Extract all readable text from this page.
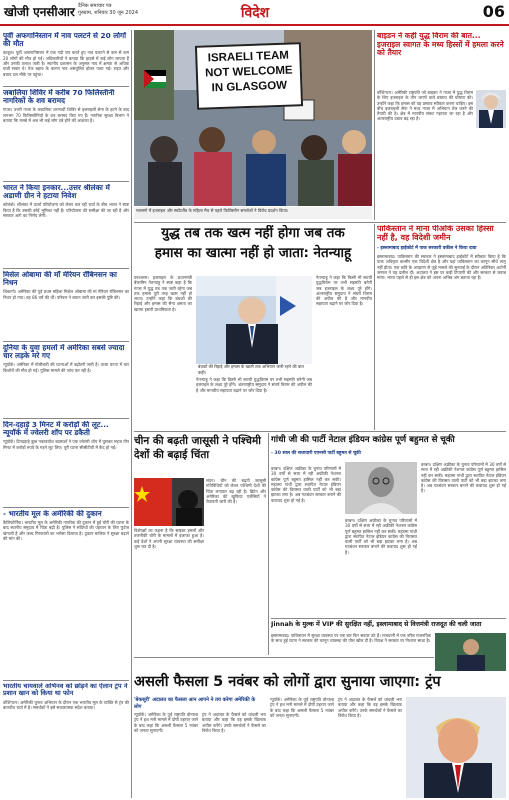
खोजी एनसीआर दैनिक समाचार पत्र
गुरुग्राम, शनिवार 30 जून 2024	विदेश	06
पूर्वी अफगानिस्तान में नाव पलटने से 20 लोगों की मौत
काबुल। पूर्वी अफगानिस्तान में एक नदी पार करते हुए नाव पलटने से कम से कम 20 लोगों की मौत हो गई। अधिकारियों ने बताया कि हादसे में कई लोग लापता हैं और उनकी तलाश जारी है। स्थानीय प्रशासन के अनुसार नाव में क्षमता से अधिक यात्री सवार थे। तेज बहाव के कारण नाव असंतुलित होकर पलट गई। राहत और बचाव दल मौके पर पहुंचा।
जबालिया शिविर में करीब 70 फिलिस्तीनी नागरिकों के शव बरामद
गाजा। उत्तरी गाजा के जबालिया शरणार्थी शिविर से इजराइली सेना के हटने के बाद लगभग 70 फिलिस्तीनियों के शव बरामद किए गए हैं। नागरिक सुरक्षा विभाग ने बताया कि मलबे में अब भी कई लोग दबे होने की आशंका है।
भारत ने किया इनकार...उत्तर श्रीलंका में अडाणी ग्रीन ने हटाया निवेश
कोलंबो। श्रीलंका में ऊर्जा परियोजना को लेकर चल रही चर्चा के बीच भारत ने स्पष्ट किया है कि उसकी कोई भूमिका नहीं है। परियोजना की समीक्षा की जा रही है और सरकार आगे का निर्णय लेगी।
मिसेल ओबामा की माँ मेरियन रॉबिनसन का निधन
शिकागो। अमेरिका की पूर्व प्रथम महिला मिशेल ओबामा की मां मेरियन रॉबिनसन का निधन हो गया। वह 86 वर्ष की थीं। परिवार ने बयान जारी कर इसकी पुष्टि की।
दुनिया के युवा हमलों में अमेरिका सबसे ज्यादा चार लड़के मरे गए
न्यूयॉर्क। अमेरिका में गोलीबारी की घटनाओं में बढ़ोतरी जारी है। ताजा घटना में चार किशोरों की मौत हो गई। पुलिस मामले की जांच कर रही है।
दिन-दहाड़े 3 मिनट में करोड़ों की लूट... न्यूयॉर्क में ज्वेलरी शॉप पर डकैती
न्यूयॉर्क। दिनदहाड़े कुछ नकाबपोश बदमाशों ने एक ज्वेलरी शॉप में घुसकर महज तीन मिनट में करोड़ों रुपये के गहने लूट लिए। पूरी घटना सीसीटीवी में कैद हो गई।
- भारतीय मूल के अमेरिकी की दुकान
कैलिफोर्निया। भारतीय मूल के अमेरिकी नागरिक की दुकान में हुई चोरी की घटना के बाद स्थानीय समुदाय में चिंता बढ़ी है। पुलिस ने संदिग्धों की पहचान के लिए फुटेज खंगाली है और जल्द गिरफ्तारी का भरोसा दिलाया है। दुकान मालिक ने सुरक्षा बढ़ाने की मांग की।
भारतीय चायवाले अभिनव को छोड़ने का ऐलान ट्रंप ने प्रशान खान को किया था फोन
वॉशिंगटन। अमेरिकी चुनाव अभियान के दौरान एक भारतीय मूल के व्यक्ति से ट्रंप की बातचीत चर्चा में है। समर्थकों ने इसे सकारात्मक संदेश बताया।
ISRAELI TEAM
NOT WELCOME
IN GLASGOW
ग्लासगो में इजराइल और स्कॉटलैंड के महिला मैच से पहले फिलिस्तीन समर्थकों ने विरोध प्रदर्शन किया।
बाइडन ने कहीं युद्ध विराम की बात... इजराइल स्वागत के मध्य हिस्सों में हमला करने को तैयार
वॉशिंगटन। अमेरिकी राष्ट्रपति जो बाइडन ने गाजा में युद्ध विराम के लिए इजराइल के तीन चरणों वाले प्रस्ताव की घोषणा की। उन्होंने कहा कि हमास को यह प्रस्ताव स्वीकार करना चाहिए। इस बीच इजराइली सेना ने मध्य गाजा में अभियान तेज करने की तैयारी की है। क्षेत्र में मानवीय संकट गहराता जा रहा है और अंतरराष्ट्रीय दबाव बढ़ रहा है।
युद्ध तब तक खत्म नहीं होगा जब तक
हमास का खात्मा नहीं हो जाता: नेतन्याहू
यरुशलम। इजराइल के प्रधानमंत्री बेंजामिन नेतन्याहू ने स्पष्ट कहा है कि गाजा में युद्ध तब तक जारी रहेगा जब तक हमास पूरी तरह खत्म नहीं हो जाता। उन्होंने कहा कि बंधकों की रिहाई और हमास की सैन्य क्षमता का खात्मा हमारी प्राथमिकता है।
बंधकों की रिहाई और हमास के खात्मे तक अभियान जारी रहने की बात कही।
नेतन्याहू ने कहा कि किसी भी स्थायी युद्धविराम पर तभी सहमति बनेगी जब इजराइल के लक्ष्य पूरे होंगे। अंतरराष्ट्रीय समुदाय ने संघर्ष विराम की अपील की है और मानवीय सहायता बढ़ाने पर जोर दिया है।
नेतन्याहू ने कहा कि किसी भी स्थायी युद्धविराम पर तभी सहमति बनेगी जब इजराइल के लक्ष्य पूरे होंगे। अंतरराष्ट्रीय समुदाय ने संघर्ष विराम की अपील की है और मानवीय सहायता बढ़ाने पर जोर दिया है।
पाकिस्तान ने माना पीओके उसका हिस्सा नहीं है, वह विदेशी जमीन
- इस्लामाबाद हाईकोर्ट में पाक सरकारी वकील ने किया दावा
इस्लामाबाद। पाकिस्तान की सरकार ने इस्लामाबाद हाईकोर्ट में स्वीकार किया है कि पाक अधिकृत कश्मीर एक विदेशी क्षेत्र है और वहां पाकिस्तान का कानून सीधे लागू नहीं होता। एक कवि के अपहरण से जुड़े मामले की सुनवाई के दौरान अतिरिक्त अटॉर्नी जनरल ने यह दलील दी। अदालत ने इस पर कड़ी टिप्पणी की और सरकार से जवाब मांगा। भारत पहले से ही इस क्षेत्र को अपना अभिन्न अंग बताता रहा है।
चीन की बढ़ती जासूसी ने पश्चिमी देशों की बढ़ाई चिंता
लंदन। चीन की बढ़ती जासूसी गतिविधियों को लेकर पश्चिमी देशों की चिंता लगातार बढ़ रही है। ब्रिटेन और अमेरिका की खुफिया एजेंसियों ने चेतावनी जारी की है।
विशेषज्ञों का कहना है कि साइबर हमलों और तकनीकी चोरी के मामलों में इजाफा हुआ है। कई देशों ने अपनी सुरक्षा व्यवस्था की समीक्षा शुरू कर दी है।
गांधी जी की पार्टी नेटाल इंडियन कांग्रेस पूर्ण बहुमत से चूकी
- 30 साल की सत्ताधारी एएनसी पार्टी बहुमत से चूकी
डरबन। दक्षिण अफ्रीका के चुनाव परिणामों में 30 वर्षों से सत्ता में रही अफ्रीकी नेशनल कांग्रेस पूर्ण बहुमत हासिल नहीं कर सकी। महात्मा गांधी द्वारा स्थापित नेटाल इंडियन कांग्रेस की विरासत वाली पार्टी को भी बड़ा झटका लगा है। अब गठबंधन सरकार बनाने की कवायद शुरू हो गई है।
डरबन। दक्षिण अफ्रीका के चुनाव परिणामों में 30 वर्षों से सत्ता में रही अफ्रीकी नेशनल कांग्रेस पूर्ण बहुमत हासिल नहीं कर सकी। महात्मा गांधी द्वारा स्थापित नेटाल इंडियन कांग्रेस की विरासत वाली पार्टी को भी बड़ा झटका लगा है। अब गठबंधन सरकार बनाने की कवायद शुरू हो गई है।
डरबन। दक्षिण अफ्रीका के चुनाव परिणामों में 30 वर्षों से सत्ता में रही अफ्रीकी नेशनल कांग्रेस पूर्ण बहुमत हासिल नहीं कर सकी। महात्मा गांधी द्वारा स्थापित नेटाल इंडियन कांग्रेस की विरासत वाली पार्टी को भी बड़ा झटका लगा है। अब गठबंधन सरकार बनाने की कवायद शुरू हो गई है।
Jinnah के मुल्क में VIP की सुरक्षित नहीं, इस्लामाबाद से वित्तमंत्री राजदूत की चली जाता
इस्लामाबाद। पाकिस्तान में सुरक्षा व्यवस्था पर एक बार फिर सवाल उठे हैं। राजधानी में एक वरिष्ठ राजनयिक के साथ हुई घटना ने सरकार की कानून व्यवस्था की पोल खोल दी है। विपक्ष ने सरकार पर निशाना साधा है।
असली फैसला 5 नवंबर को लोगों द्वारा सुनाया जाएगा: ट्रंप
'बेकसूरी' अदालत का फैसला आन आपने ने तय करेगा अमेरिकी के लोग
न्यूयॉर्क। अमेरिका के पूर्व राष्ट्रपति डोनाल्ड ट्रंप ने हश मनी मामले में दोषी ठहराए जाने के बाद कहा कि असली फैसला 5 नवंबर को जनता सुनाएगी।
ट्रंप ने अदालत के फैसले को धांधली भरा बताया और कहा कि वह इसके खिलाफ अपील करेंगे। उनके समर्थकों ने फैसले का विरोध किया है।
न्यूयॉर्क। अमेरिका के पूर्व राष्ट्रपति डोनाल्ड ट्रंप ने हश मनी मामले में दोषी ठहराए जाने के बाद कहा कि असली फैसला 5 नवंबर को जनता सुनाएगी।
ट्रंप ने अदालत के फैसले को धांधली भरा बताया और कहा कि वह इसके खिलाफ अपील करेंगे। उनके समर्थकों ने फैसले का विरोध किया है।
